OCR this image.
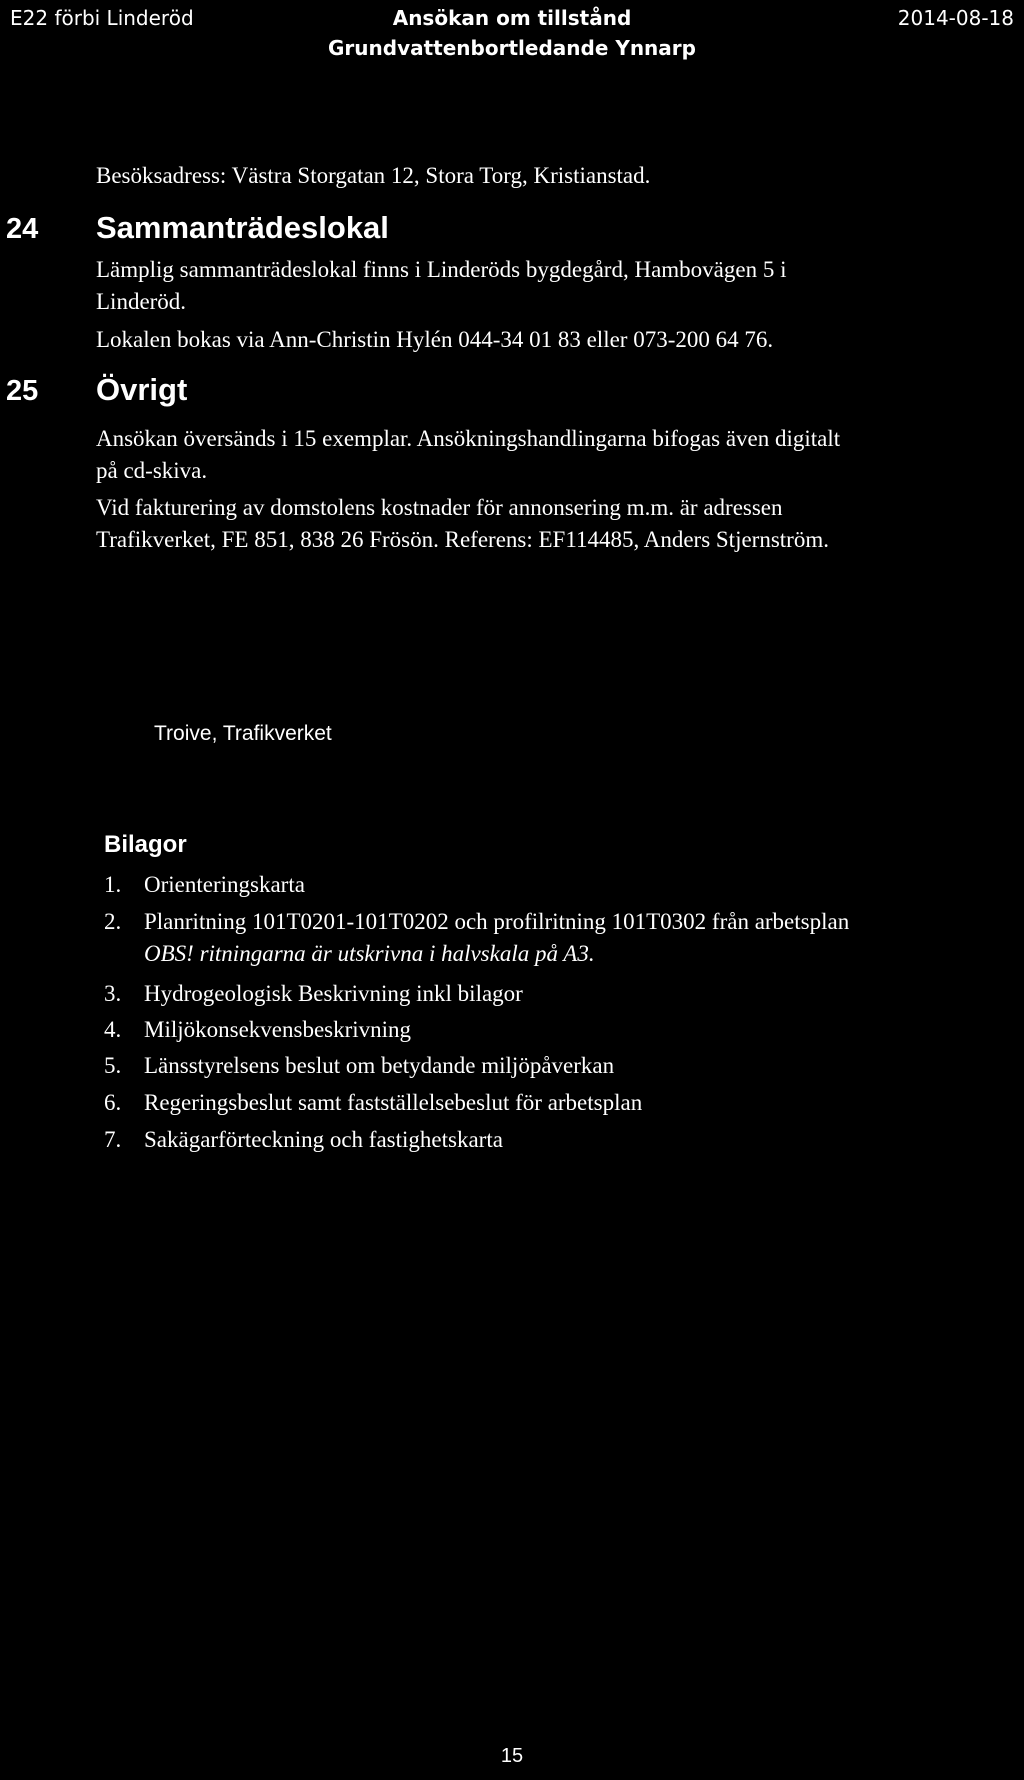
E22 förbi Linderöd	Ansökan om tillstånd
Grundvattenbortledande Ynnarp
2014-08-18
Besöksadress: Västra Storgatan 12, Stora Torg, Kristianstad.
24 Sammanträdeslokal
Lämplig sammanträdeslokal finns i Linderöds bygdegård, Hambovägen 5 i
Linderöd.
Lokalen bokas via Ann-Christin Hylén 044-34 01 83 eller 073-200 64 76.
25 Övrigt
Ansökan översänds i 15 exemplar. Ansökningshandlingarna bifogas även digitalt
på cd-skiva.
Vid fakturering av domstolens kostnader för annonsering m.m. är adressen
Trafikverket, FE 851, 838 26 Frösön. Referens: EF114485, Anders Stjernström.
Troive, Trafikverket
Bilagor
1. Orienteringskarta
2. Planritning 101T0201-101T0202 och profilritning 101T0302 från arbetsplan
OBS! ritningarna är utskrivna i halvskala på A3.
3. Hydrogeologisk Beskrivning inkl bilagor
4. Miljökonsekvensbeskrivning
5. Länsstyrelsens beslut om betydande miljöpåverkan
6. Regeringsbeslut samt fastställelsebeslut för arbetsplan
7. Sakägarförteckning och fastighetskarta
15
